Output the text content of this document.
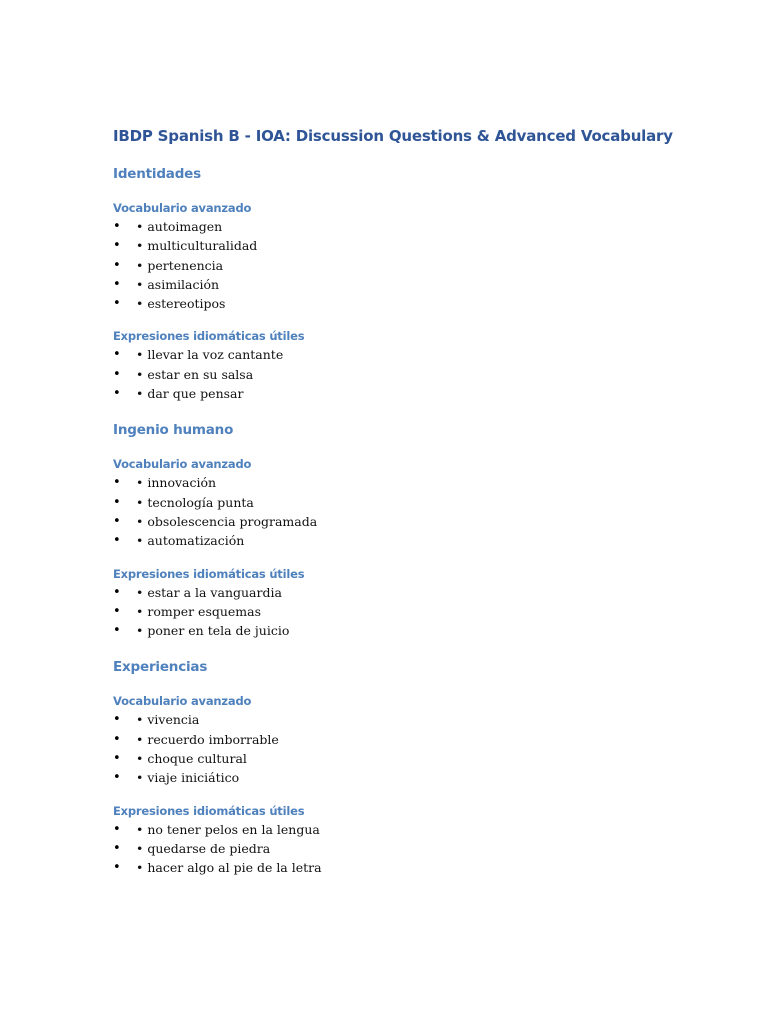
IBDP Spanish B - IOA: Discussion Questions & Advanced Vocabulary
Identidades
Vocabulario avanzado
• • autoimagen
• • multiculturalidad
• • pertenencia
• • asimilación
• • estereotipos
Expresiones idiomáticas útiles
• • llevar la voz cantante
• • estar en su salsa
• • dar que pensar
Ingenio humano
Vocabulario avanzado
• • innovación
• • tecnología punta
• • obsolescencia programada
• • automatización
Expresiones idiomáticas útiles
• • estar a la vanguardia
• • romper esquemas
• • poner en tela de juicio
Experiencias
Vocabulario avanzado
• • vivencia
• • recuerdo imborrable
• • choque cultural
• • viaje iniciático
Expresiones idiomáticas útiles
• • no tener pelos en la lengua
• • quedarse de piedra
• • hacer algo al pie de la letra
